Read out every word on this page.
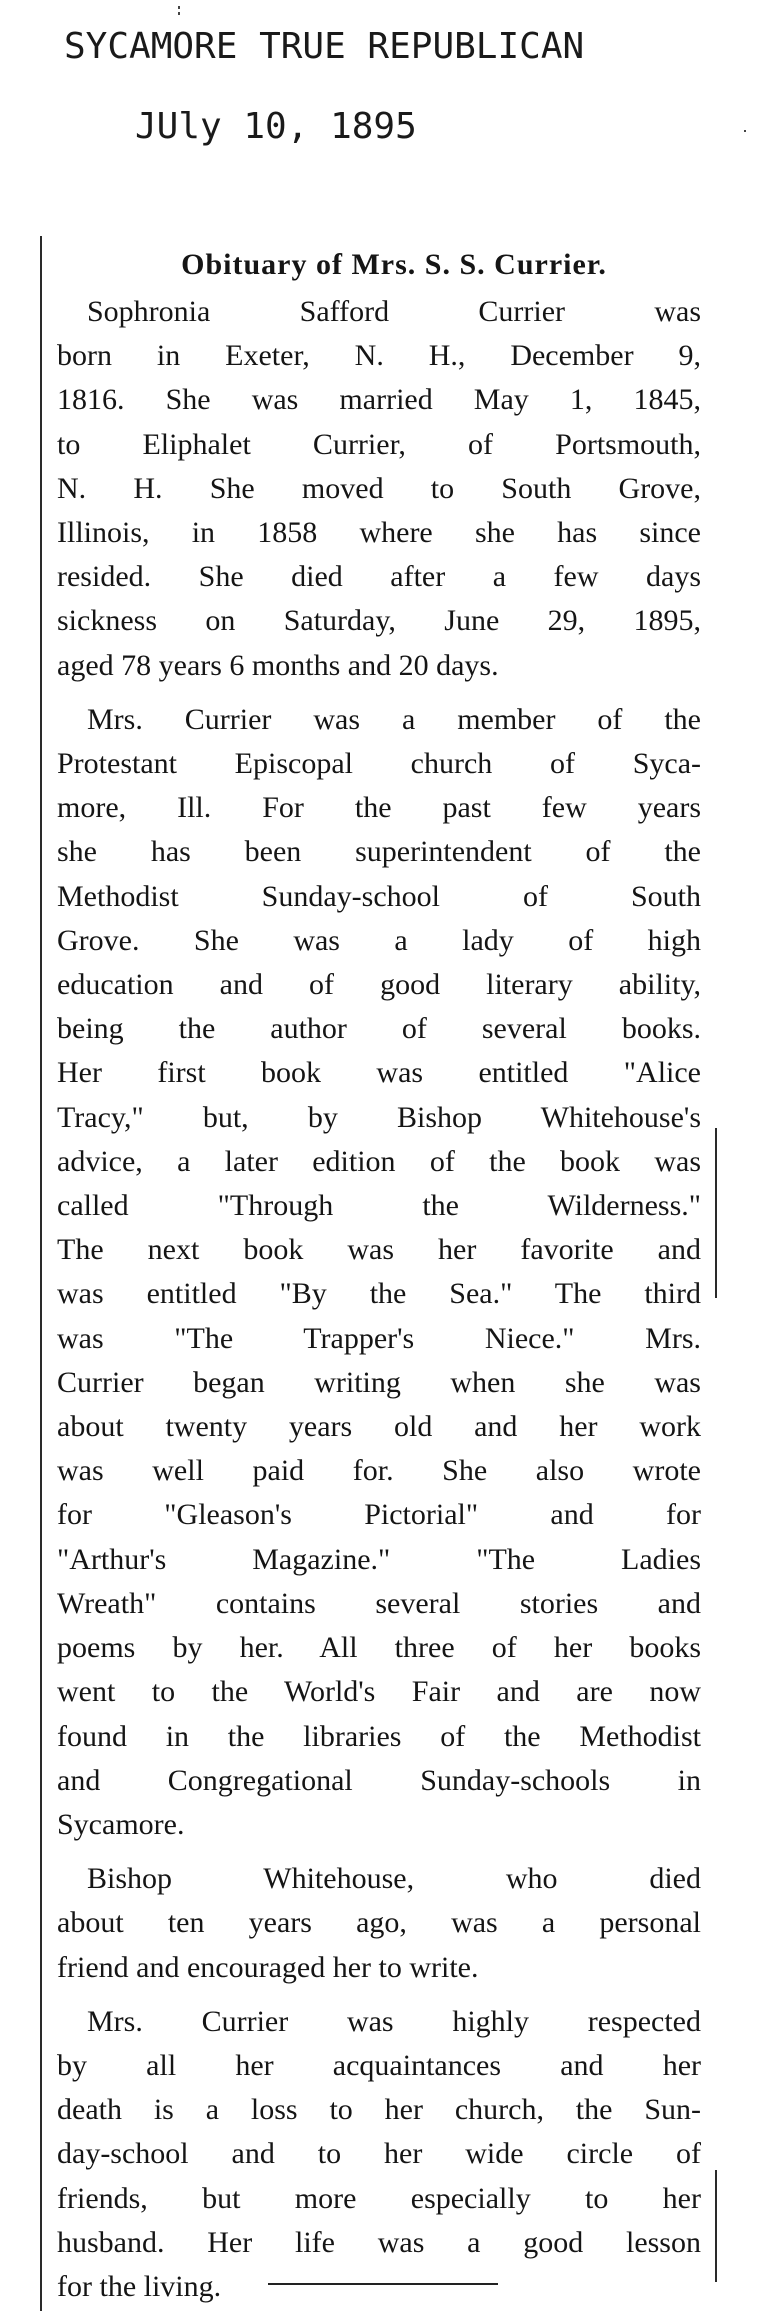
SYCAMORE TRUE REPUBLICAN
JUly 10, 1895
Obituary of Mrs. S. S. Currier.
Sophronia Safford Currier was
born in Exeter, N. H., December 9,
1816. She was married May 1, 1845,
to Eliphalet Currier, of Portsmouth,
N. H. She moved to South Grove,
Illinois, in 1858 where she has since
resided. She died after a few days
sickness on Saturday, June 29, 1895,
aged 78 years 6 months and 20 days.
Mrs. Currier was a member of the
Protestant Episcopal church of Syca-
more, Ill. For the past few years
she has been superintendent of the
Methodist Sunday-school of South
Grove. She was a lady of high
education and of good literary ability,
being the author of several books.
Her first book was entitled "Alice
Tracy," but, by Bishop Whitehouse's
advice, a later edition of the book was
called "Through the Wilderness."
The next book was her favorite and
was entitled "By the Sea." The third
was "The Trapper's Niece." Mrs.
Currier began writing when she was
about twenty years old and her work
was well paid for. She also wrote
for "Gleason's Pictorial" and for
"Arthur's Magazine." "The Ladies
Wreath" contains several stories and
poems by her. All three of her books
went to the World's Fair and are now
found in the libraries of the Methodist
and Congregational Sunday-schools in
Sycamore.
Bishop Whitehouse, who died
about ten years ago, was a personal
friend and encouraged her to write.
Mrs. Currier was highly respected
by all her acquaintances and her
death is a loss to her church, the Sun-
day-school and to her wide circle of
friends, but more especially to her
husband. Her life was a good lesson
for the living.
